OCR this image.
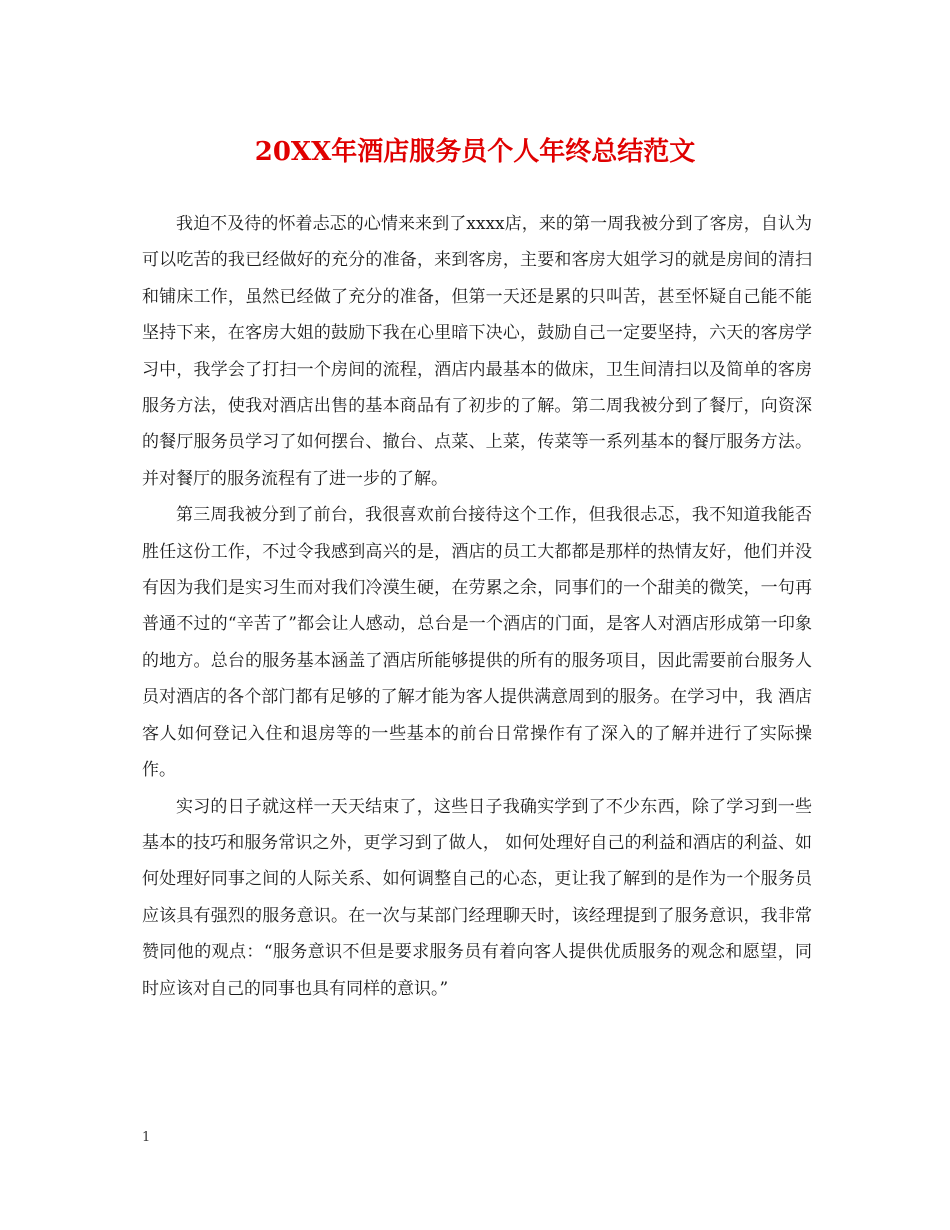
20XX年酒店服务员个人年终总结范文

我迫不及待的怀着忐忑的心情来来到了xxxx店，来的第一周我被分到了客房，自认为可以吃苦的我已经做好的充分的准备，来到客房，主要和客房大姐学习的就是房间的清扫和铺床工作，虽然已经做了充分的准备，但第一天还是累的只叫苦，甚至怀疑自己能不能坚持下来，在客房大姐的鼓励下我在心里暗下决心，鼓励自己一定要坚持，六天的客房学习中，我学会了打扫一个房间的流程，酒店内最基本的做床，卫生间清扫以及简单的客房服务方法，使我对酒店出售的基本商品有了初步的了解。第二周我被分到了餐厅，向资深的餐厅服务员学习了如何摆台、撤台、点菜、上菜，传菜等一系列基本的餐厅服务方法。并对餐厅的服务流程有了进一步的了解。

第三周我被分到了前台，我很喜欢前台接待这个工作，但我很忐忑，我不知道我能否 胜任这份工作，不过令我感到高兴的是，酒店的员工大都都是那样的热情友好，他们并没有因为我们是实习生而对我们冷漠生硬，在劳累之余，同事们的一个甜美的微笑，一句再普通不过的“辛苦了”都会让人感动，总台是一个酒店的门面，是客人对酒店形成第一印象的地方。总台的服务基本涵盖了酒店所能够提供的所有的服务项目，因此需要前台服务人员对酒店的各个部门都有足够的了解才能为客人提供满意周到的服务。在学习中，我 酒店客人如何登记入住和退房等的一些基本的前台日常操作有了深入的了解并进行了实际操作。

实习的日子就这样一天天结束了，这些日子我确实学到了不少东西，除了学习到一些基本的技巧和服务常识之外，更学习到了做人， 如何处理好自己的利益和酒店的利益、如何处理好同事之间的人际关系、如何调整自己的心态，更让我了解到的是作为一个服务员应该具有强烈的服务意识。在一次与某部门经理聊天时，该经理提到了服务意识，我非常赞同他的观点：“服务意识不但是要求服务员有着向客人提供优质服务的观念和愿望，同时应该对自己的同事也具有同样的意识。”

1
